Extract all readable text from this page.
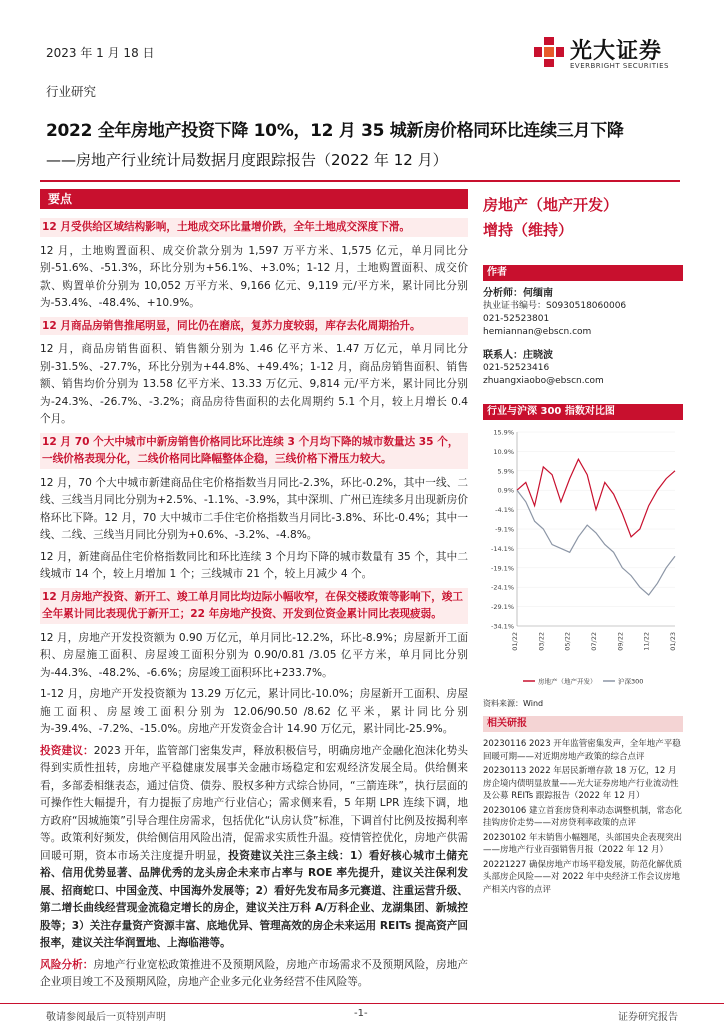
2023 年 1 月 18 日	光大证券
EVERBRIGHT SECURITIES
行业研究
2022 全年房地产投资下降 10%，12 月 35 城新房价格同环比连续三月下降
——房地产行业统计局数据月度跟踪报告（2022 年 12 月）
要点
12 月受供给区域结构影响，土地成交环比量增价跌，全年土地成交深度下滑。

12 月，土地购置面积、成交价款分别为 1,597 万平方米、1,575 亿元，单月同比分别-51.6%、-51.3%，环比分别为+56.1%、+3.0%；1-12 月，土地购置面积、成交价款、购置单价分别为 10,052 万平方米、9,166 亿元、9,119 元/平方米，累计同比分别为-53.4%、-48.4%、+10.9%。

12 月商品房销售推尾明显，同比仍在磨底，复苏力度较弱，库存去化周期抬升。

12 月，商品房销售面积、销售额分别为 1.46 亿平方米、1.47 万亿元，单月同比分别-31.5%、-27.7%，环比分别为+44.8%、+49.4%；1-12 月，商品房销售面积、销售额、销售均价分别为 13.58 亿平方米、13.33 万亿元、9,814 元/平方米，累计同比分别为-24.3%、-26.7%、-3.2%；商品房待售面积的去化周期约 5.1 个月，较上月增长 0.4 个月。

12 月 70 个大中城市中新房销售价格同比环比连续 3 个月均下降的城市数量达 35 个，一线价格表现分化，二线价格同比降幅整体企稳，三线价格下滑压力较大。

12 月，70 个大中城市新建商品住宅价格指数当月同比-2.3%，环比-0.2%，其中一线、二线、三线当月同比分别为+2.5%、-1.1%、-3.9%，其中深圳、广州已连续多月出现新房价格环比下降。12 月，70 大中城市二手住宅价格指数当月同比-3.8%、环比-0.4%；其中一线、二线、三线当月同比分别为+0.6%、-3.2%、-4.8%。

12 月，新建商品住宅价格指数同比和环比连续 3 个月均下降的城市数量有 35 个，其中二线城市 14 个，较上月增加 1 个；三线城市 21 个，较上月减少 4 个。

12 月房地产投资、新开工、竣工单月同比均边际小幅收窄，在保交楼政策等影响下，竣工全年累计同比表现优于新开工；22 年房地产投资、开发到位资金累计同比表现疲弱。

12 月，房地产开发投资额为 0.90 万亿元，单月同比-12.2%，环比-8.9%；房屋新开工面积、房屋施工面积、房屋竣工面积分别为 0.90/0.81 /3.05 亿平方米，单月同比分别为-44.3%、-48.2%、-6.6%；房屋竣工面积环比+233.7%。

1-12 月，房地产开发投资额为 13.29 万亿元，累计同比-10.0%；房屋新开工面积、房屋施工面积、房屋竣工面积分别为 12.06/90.50 /8.62 亿平米，累计同比分别为-39.4%、-7.2%、-15.0%。房地产开发资金合计 14.90 万亿元，累计同比-25.9%。

投资建议：2023 开年，监管部门密集发声，释放积极信号，明确房地产金融化泡沫化势头得到实质性扭转，房地产平稳健康发展事关金融市场稳定和宏观经济发展全局。供给侧来看，多部委相继表态，通过信贷、债券、股权多种方式综合协同，“三箭连珠”，执行层面的可操作性大幅提升，有力提振了房地产行业信心；需求侧来看，5 年期 LPR 连续下调，地方政府“因城施策”引导合理住房需求，包括优化“认房认贷”标准，下调首付比例及按揭利率等。政策利好频发，供给侧信用风险出清，促需求实质性升温。疫情管控优化，房地产供需回暖可期，资本市场关注度提升明显，投资建议关注三条主线：1）看好核心城市土储充裕、信用优势显著、品牌优秀的龙头房企未来市占率与 ROE 率先提升，建议关注保利发展、招商蛇口、中国金茂、中国海外发展等；2）看好先发布局多元赛道、注重运营升级、第二增长曲线经营现金流稳定增长的房企，建议关注万科 A/万科企业、龙湖集团、新城控股等；3）关注存量资产资源丰富、底地优异、管理高效的房企未来运用 REITs 提高资产回报率，建议关注华润置地、上海临港等。

风险分析：房地产行业宽松政策推进不及预期风险，房地产市场需求不及预期风险，房地产企业项目竣工不及预期风险，房地产企业多元化业务经营不佳风险等。

房地产（地产开发）
增持（维持）
作者
分析师：何缅南
执业证书编号：S0930518060006
021-52523801
hemiannan@ebscn.com
联系人：庄晓波
021-52523416
zhuangxiaobo@ebscn.com
行业与沪深 300 指数对比图
15.9%
10.9%
5.9%
0.9%
-4.1%
-9.1%
-14.1%
-19.1%
-24.1%
-29.1%
-34.1%
01/22	03/22	05/22	07/22	09/22	11/22	01/23
房地产（地产开发）	沪深300
资料来源：Wind
相关研报
20230116 2023 开年监管密集发声，全年地产平稳回暖可期——对近期房地产政策的综合点评
20230113 2022 年居民新增存款 18 万亿，12 月房企境内债明显放量——光大证券房地产行业流动性及公募 REITs 跟踪报告（2022 年 12 月）
20230106 建立首套房贷利率动态调整机制，常态化挂钩房价走势——对房贷利率政策的点评
20230102 年末销售小幅翘尾，头部国央企表现突出——房地产行业百强销售月报（2022 年 12 月）
20221227 确保房地产市场平稳发展，防范化解优质头部房企风险——对 2022 年中央经济工作会议房地产相关内容的点评
敬请参阅最后一页特别声明	-1-	证券研究报告
